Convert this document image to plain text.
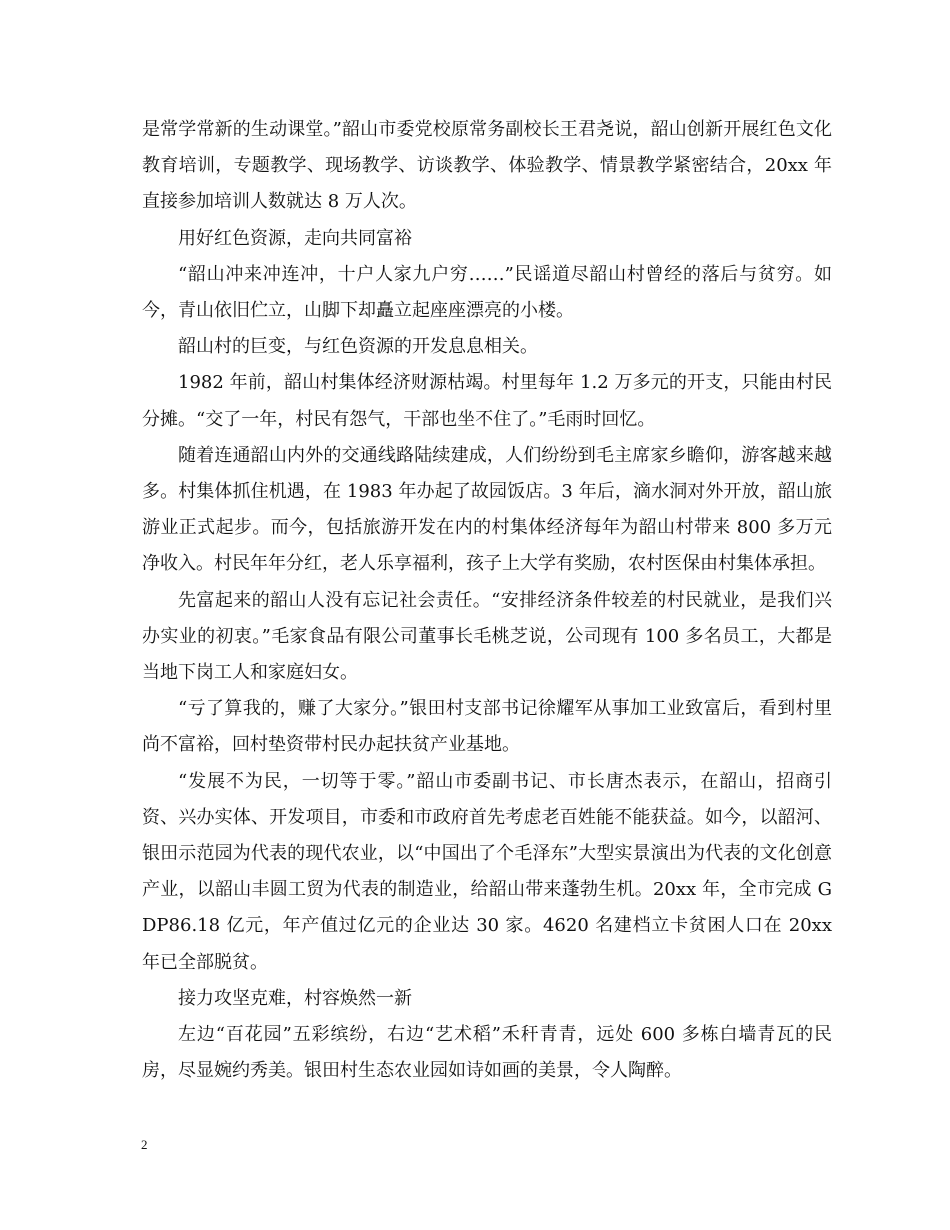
是常学常新的生动课堂。”韶山市委党校原常务副校长王君尧说，韶山创新开展红色文化教育培训，专题教学、现场教学、访谈教学、体验教学、情景教学紧密结合，20xx 年直接参加培训人数就达 8 万人次。

用好红色资源，走向共同富裕

“韶山冲来冲连冲，十户人家九户穷……”民谣道尽韶山村曾经的落后与贫穷。如今，青山依旧伫立，山脚下却矗立起座座漂亮的小楼。

韶山村的巨变，与红色资源的开发息息相关。

1982 年前，韶山村集体经济财源枯竭。村里每年 1.2 万多元的开支，只能由村民分摊。“交了一年，村民有怨气，干部也坐不住了。”毛雨时回忆。

随着连通韶山内外的交通线路陆续建成，人们纷纷到毛主席家乡瞻仰，游客越来越多。村集体抓住机遇，在 1983 年办起了故园饭店。3 年后，滴水洞对外开放，韶山旅游业正式起步。而今，包括旅游开发在内的村集体经济每年为韶山村带来 800 多万元净收入。村民年年分红，老人乐享福利，孩子上大学有奖励，农村医保由村集体承担。

先富起来的韶山人没有忘记社会责任。“安排经济条件较差的村民就业，是我们兴办实业的初衷。”毛家食品有限公司董事长毛桃芝说，公司现有 100 多名员工，大都是当地下岗工人和家庭妇女。

“亏了算我的，赚了大家分。”银田村支部书记徐耀军从事加工业致富后，看到村里尚不富裕，回村垫资带村民办起扶贫产业基地。

“发展不为民，一切等于零。”韶山市委副书记、市长唐杰表示，在韶山，招商引资、兴办实体、开发项目，市委和市政府首先考虑老百姓能不能获益。如今，以韶河、银田示范园为代表的现代农业，以“中国出了个毛泽东”大型实景演出为代表的文化创意产业，以韶山丰圆工贸为代表的制造业，给韶山带来蓬勃生机。20xx 年，全市完成 GDP86.18 亿元，年产值过亿元的企业达 30 家。4620 名建档立卡贫困人口在 20xx 年已全部脱贫。

接力攻坚克难，村容焕然一新

左边“百花园”五彩缤纷，右边“艺术稻”禾秆青青，远处 600 多栋白墙青瓦的民房，尽显婉约秀美。银田村生态农业园如诗如画的美景，令人陶醉。

2
